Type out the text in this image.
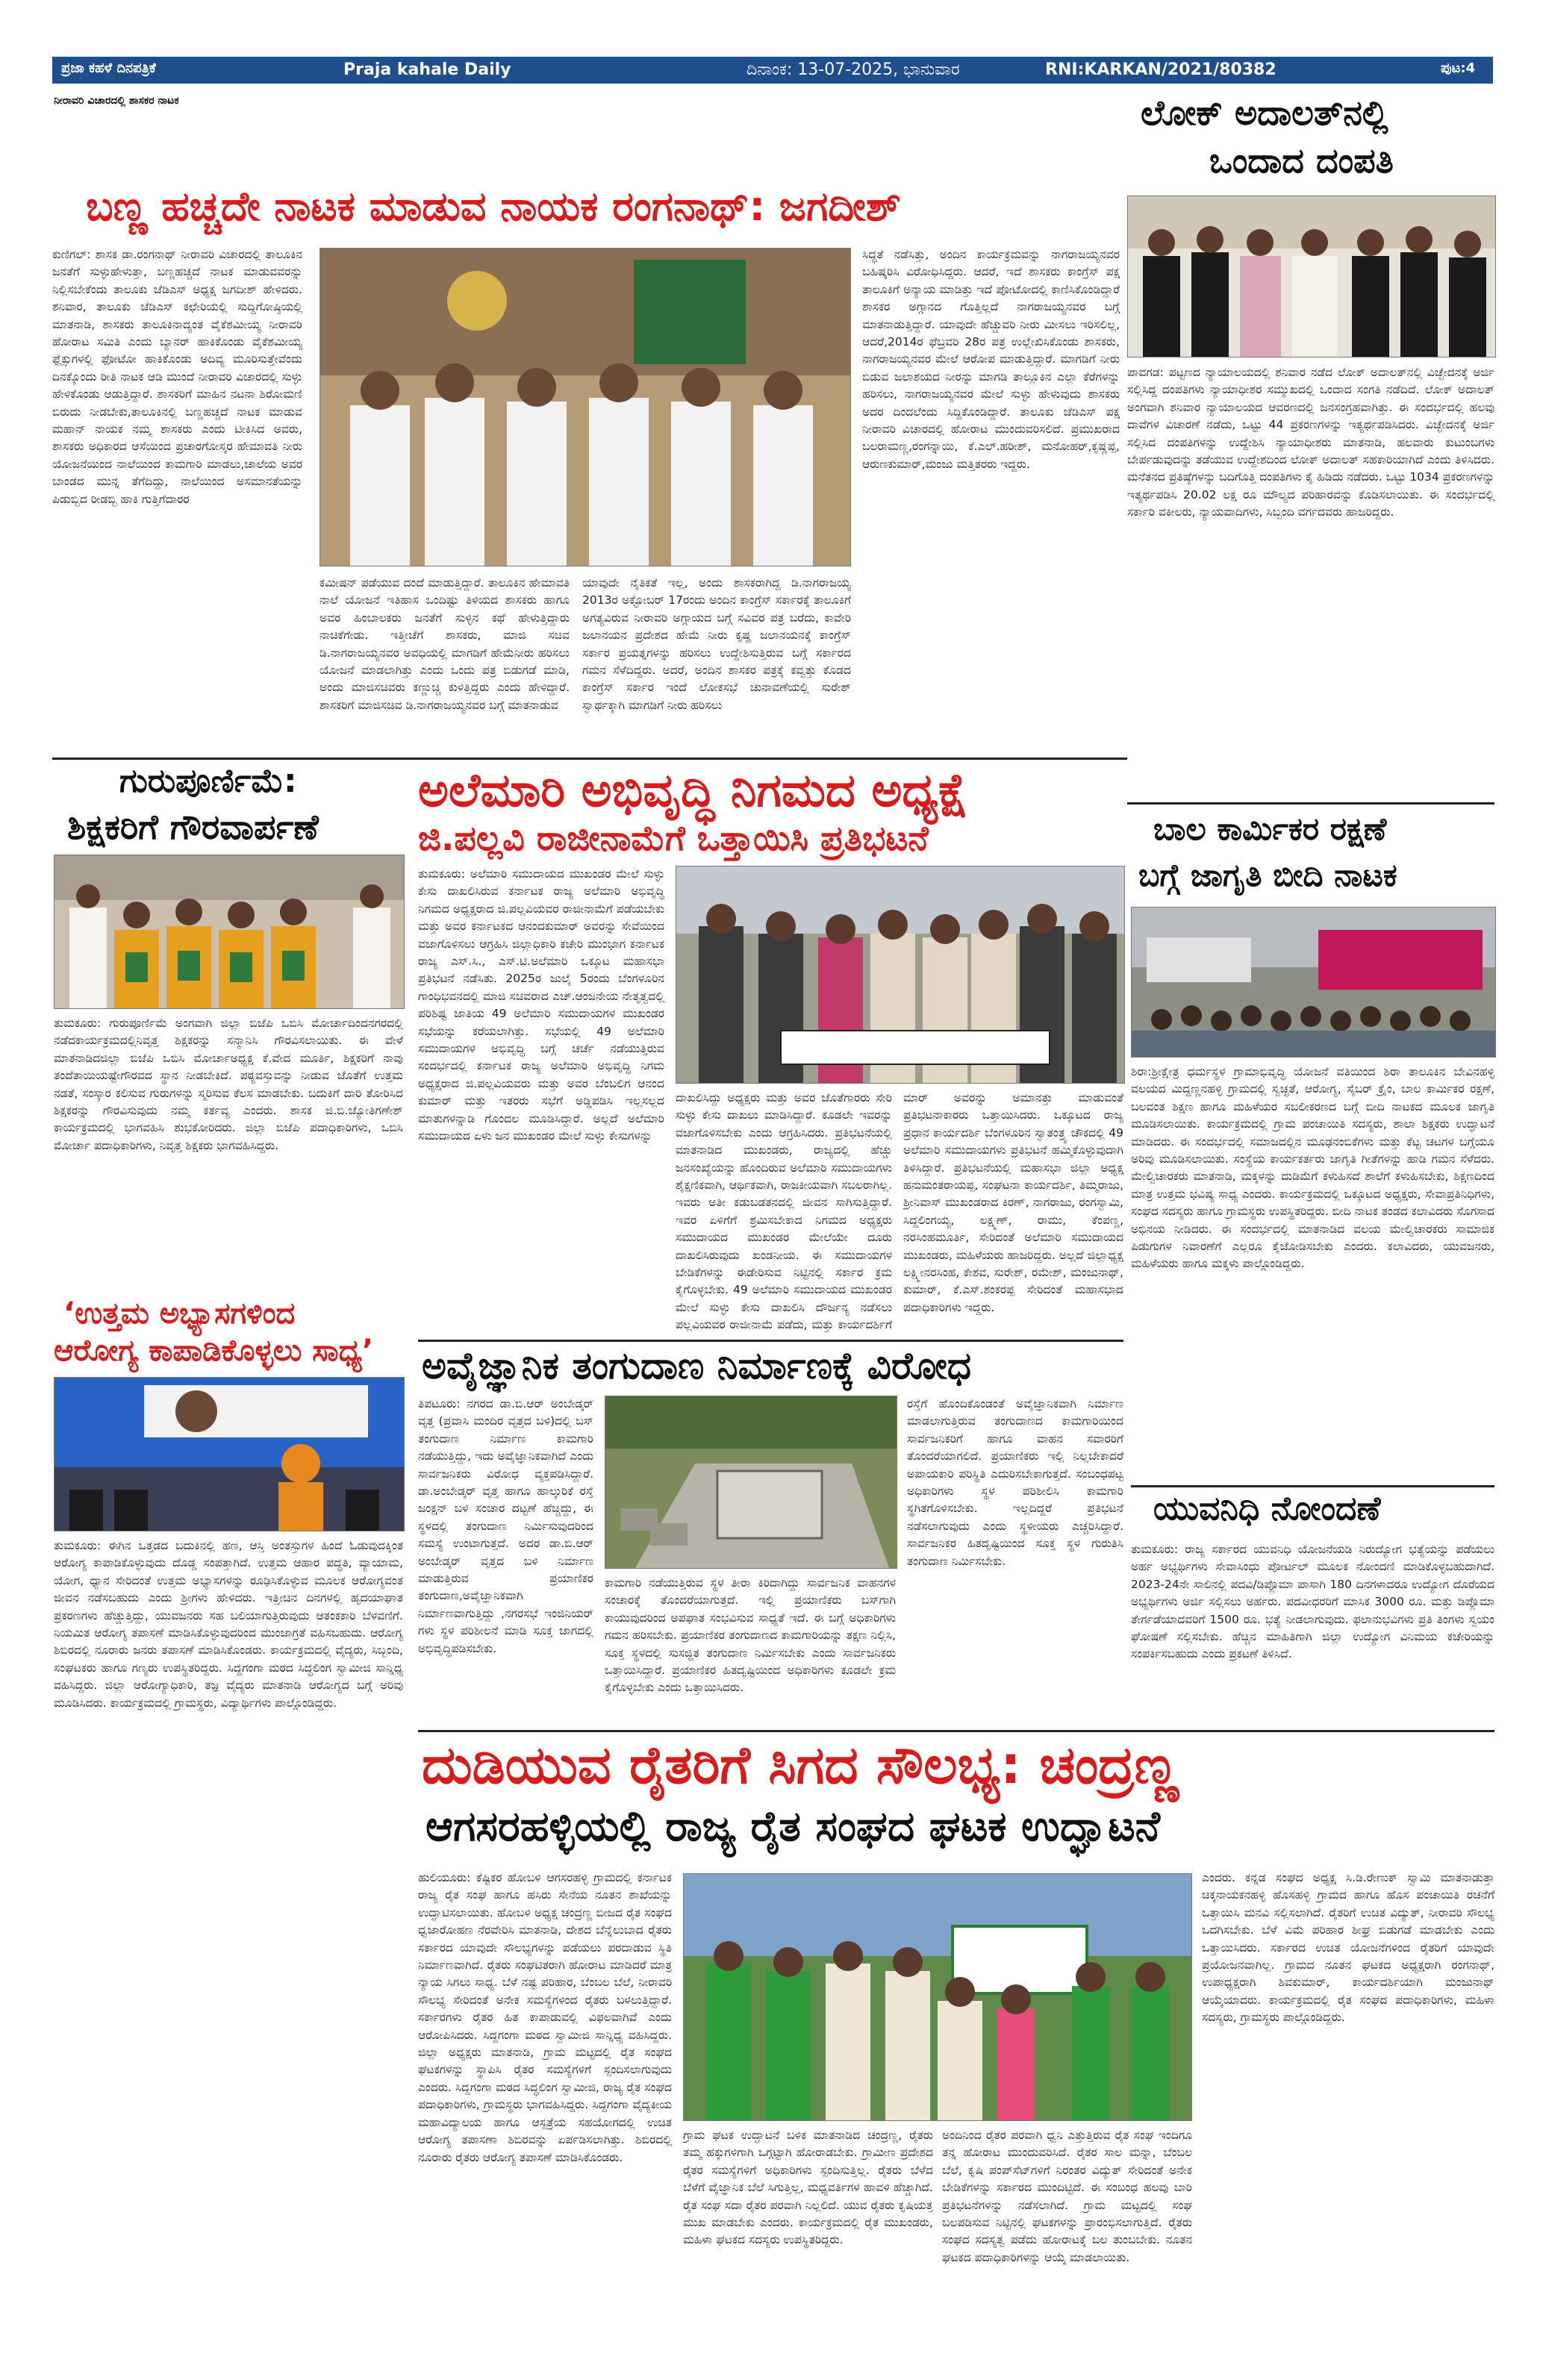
ಪ್ರಜಾ ಕಹಳೆ ದಿನಪತ್ರಿಕೆ	Praja kahale Daily	ದಿನಾಂಕ: 13-07-2025, ಭಾನುವಾರ	RNI:KARKAN/2021/80382	ಪುಟ:4
ನೀರಾವರಿ ವಿಚಾರದಲ್ಲಿ ಶಾಸಕರ ನಾಟಕ
ಬಣ್ಣ ಹಚ್ಚದೇ ನಾಟಕ ಮಾಡುವ ನಾಯಕ ರಂಗನಾಥ್: ಜಗದೀಶ್
ಕುಣಿಗಲ್: ಶಾಸಕ ಡಾ.ರಂಗನಾಥ್ ನೀರಾವರಿ ವಿಚಾರದಲ್ಲಿ ತಾಲೂಕಿನ ಜನತೆಗೆ ಸುಳ್ಳುಹೇಳುತ್ತಾ, ಬಣ್ಣಹಚ್ಚದೆ ನಾಟಕ ಮಾಡುವವರನ್ನು ನಿಲ್ಲಿಸಬೇಕೆಂದು ತಾಲೂಕು ಜೆಡಿಎಸ್ ಅಧ್ಯಕ್ಷ ಜಗದೀಶ್ ಹೇಳಿದರು. ಶನಿವಾರ, ತಾಲೂಕು ಜೆಡಿಎಸ್ ಕಛೇರಿಯಲ್ಲಿ ಸುದ್ದಿಗೋಷ್ಠಿಯಲ್ಲಿ ಮಾತನಾಡಿ, ಶಾಸಕರು ತಾಲೂಕಿನಾದ್ಯಂತ ವೈಕೆಶಮೀಯ್ಯ ನೀರಾವರಿ ಹೋರಾಟ ಸಮಿತಿ ಎಂದು ಬ್ಯಾನರ್ ಹಾಕಿಕೊಂಡು ವೈಕೆಶಮೀಯ್ಯ ಫ್ಲೆಕ್ಸುಗಳಲ್ಲಿ ಫೋಟೋ ಹಾಕಿಕೊಂಡು ಅದಿವ್ಯ ಮೂರಿಸುತ್ತೇವೆಂದು ದಿನಕ್ಕೊಂದು ರೀತಿ ನಾಟಕ ಆಡಿ ಮುಂದೆ ನೀರಾವರಿ ವಿಚಾರದಲ್ಲಿ ಸುಳ್ಳು ಹೇಳಿಕೊಂಡು ಆಡುತ್ತಿದ್ದಾರೆ. ಶಾಸಕರಿಗೆ ಮಾಹಿನ ನಟನಾ ಶಿರೋಮಣಿ ಬಿರುದು ನೀಡಬೇಕು,ತಾಲೂಕಿನಲ್ಲಿ ಬಣ್ಣಹಚ್ಚದೆ ನಾಟಕ ಮಾಡುವ ಮಹಾನ್ ನಾಯಕ ನಮ್ಮ ಶಾಸಕರು ಎಂದು ಟೀಕಿಸಿದ ಅವರು, ಶಾಸಕರು ಅಧಿಕಾರದ ಆಸೆಯಿಂದ ಪ್ರಚಾರಗೋಸ್ಕರ ಹೇಮಾವತಿ ನೀರು ಯೋಜನೆಯಿಂದ ನಾಲೆಯಿಂದ ಕಾಮಗಾರಿ ಮಾಡಲು,ಚಾಲೆಯ ಅವರ ಬಾಂಡದ ಮುನ್ನ ತೆಗೆದಿದ್ದು, ನಾಲೆಯಿಂದ ಅಸಮಾನತೆಯನ್ನು ಪಿಡುಬ್ಬಿದ ರೀಡಬ್ಬಿ ಹಾಕಿ ಗುತ್ತಿಗೆದಾರರ
ಕಮೀಷನ್ ಪಡೆಯುವ ದಂದೆ ಮಾಡುತ್ತಿದ್ದಾರೆ. ತಾಲೂಕಿನ ಹೇಮಾವತಿ ನಾಲೆ ಯೋಜನೆ ಇತಿಹಾಸ ಒಂದಿಷ್ಟು ತಿಳಿಯದ ಶಾಸಕರು ಹಾಗೂ ಅವರ ಹಿಂಬಾಲಕರು ಜನತೆಗೆ ಸುಳ್ಳಿನ ಕಥೆ ಹೇಳುತ್ತಿದ್ದಾರು ನಾಚಿಕೆಗೇಡು. ಇತ್ತೀಚೆಗೆ ಶಾಸಕರು, ಮಾಜಿ ಸಚಿವ ಡಿ.ನಾಗರಾಜಯ್ಯನವರ ಅವಧಿಯಲ್ಲಿ ಮಾಗಡಿಗೆ ಹೇಮೆನೀರು ಹರಿಸಲು ಯೋಜನೆ ಮಾಡಲಾಗಿತ್ತು ಎಂದು ಒಂದು ಪತ್ರ ಬಿಡುಗಡೆ ಮಾಡಿ, ಅಂದು ಮಾಜಿಸಚಿವರು ಕಣ್ಣುಚ್ಚಿ ಕುಳಿತ್ತಿದ್ದರು ಎಂದು ಹೇಳಿದ್ದಾರೆ. ಶಾಸಕರಿಗೆ ಮಾಜಿಸಚಿವ ಡಿ.ನಾಗರಾಜಯ್ಯನವರ ಬಗ್ಗೆ ಮಾತನಾಡುವ
ಯಾವುದೇ ನೈತಿಕತೆ ಇಲ್ಲ, ಅಂದು ಶಾಸಕರಾಗಿದ್ದ ಡಿ.ನಾಗರಾಜಯ್ಯ 2013ರ ಅಕ್ಟೋಬರ್ 17ರಂದು ಅಂದಿನ ಕಾಂಗ್ರೆಸ್ ಸರ್ಕಾರಕ್ಕೆ ತಾಲೂಕಿಗೆ ಅಗತ್ಯವಿರುವ ನೀರಾವರಿ ಅಗ್ಗಾಯದ ಬಗ್ಗೆ ಸವಿವರ ಪತ್ರ ಬರೆದು, ಕಾವೇರಿ ಜಲಾನಯನ ಪ್ರದೇಶದ ಹೇಮೆ ನೀರು ಕೃಷ್ಣ ಜಲಾನಯನಕ್ಕೆ ಕಾಂಗ್ರೆಸ್ ಸರ್ಕಾರ ಪ್ರಯತ್ನಗಳನ್ನು ಹರಿಸಲು ಉದ್ದೇಶಿಸುತ್ತಿರುವ ಬಗ್ಗೆ ಸರ್ಕಾರದ ಗಮನ ಸೆಳೆದಿದ್ದರು. ಅದರೆ, ಅಂದಿನ ಶಾಸಕರ ಪತ್ರಕ್ಕೆ ಕವ್ವತ್ತು ಕೊಡದ ಕಾಂಗ್ರೆಸ್ ಸರ್ಕಾರ ಇಂದೆ ಲೋಕಸಭೆ ಚುನಾವಣೆಯಲ್ಲಿ ಸುರೇಶ್ ಸ್ವಾರ್ಥಕ್ಕಾಗಿ ಮಾಗಡಿಗೆ ನೀರು ಹರಿಸಲು
ಸಿದ್ಧತೆ ನಡೆಸಿತ್ತು, ಅಂದಿನ ಕಾರ್ಯಕ್ರಮವನ್ನು ನಾಗರಾಜಯ್ಯನವರ ಬಹಿಷ್ಕರಿಸಿ ವಿರೋಧಿಸಿದ್ದರು. ಆದರೆ, ಇದೆ ಶಾಸಕರು ಕಾಂಗ್ರೆಸ್ ಪಕ್ಷ ತಾಲೂಕಿಗೆ ಅನ್ಯಾಯ ಮಾಡಿತ್ತು ಇದೆ ಪೋಟೋದಲ್ಲಿ ಕಾಣಿಸಿಕೊಂಡಿದ್ದಾರೆ ಶಾಸಕರ ಅಗ್ಗಾನದ ಗೊತ್ತಿಲ್ಲದೆ ನಾಗರಾಜಯ್ಯನವರ ಬಗ್ಗೆ ಮಾತನಾಡುತ್ತಿದ್ದಾರೆ. ಯಾವುದೇ ಹೆಚ್ಚುವರಿ ನೀರು ಮೀಸಲು ಇರಿಸಲಿಲ್ಲ, ಆದರೆ,2014ರ ಫೆಬ್ರವರಿ 28ರ ಪತ್ರ ಉಲ್ಲೇಖಿಸಿಕೊಂಡು ಶಾಸಕರು, ನಾಗರಾಜಯ್ಯನವರ ಮೇಲೆ ಆರೋಪ ಮಾಡುತ್ತಿದ್ದಾರೆ. ಮಾಗಡಿಗೆ ನೀರು ಬಿಡುವ ಜಲಾಶಯದ ನೀರನ್ನು ಮಾಗಡಿ ತಾಲ್ಲೂಕಿನ ಎಲ್ಲಾ ಕೆರೆಗಳನ್ನು ಹರಿಸಲು, ನಾಗರಾಜಯ್ಯನವರ ಮೇಲೆ ಸುಳ್ಳು ಹೇಳುವುದು ಶಾಸಕರು ಅದರ ದಿಂದಲೆಂದು ಸಿದ್ದಿಕೊಂಡಿದ್ದಾರೆ. ತಾಲೂಕು ಜೆಡಿಎಸ್ ಪಕ್ಷ ನೀರಾವರಿ ವಿಚಾರದಲ್ಲಿ ಹೋರಾಟ ಮುಂದುವರಿಸಲಿದೆ. ಪ್ರಮುಖರಾದ ಬಲರಾಮಣ್ಣ,ರಂಗನ್ನಾಯಿ, ಕೆ.ಎಲ್.ಹರೀಶ್, ಮನೋಹರ್,ಕೃಷ್ಣಪ್ಪ, ಆರುಣಕುಮಾರ್,ಮಂಜು ಮತ್ತಿತರರು ಇದ್ದರು.
ಲೋಕ್ ಅದಾಲತ್‌ನಲ್ಲಿ
ಒಂದಾದ ದಂಪತಿ
ಪಾವಗಡ: ಪಟ್ಟಣದ ನ್ಯಾಯಾಲಯದಲ್ಲಿ ಶನಿವಾರ ನಡೆದ ಲೋಕ್ ಅದಾಲತ್‌ನಲ್ಲಿ ವಿಚ್ಛೇದನಕ್ಕೆ ಅರ್ಜಿ ಸಲ್ಲಿಸಿದ್ದ ದಂಪತಿಗಳು ನ್ಯಾಯಾಧೀಶರ ಸಮ್ಮುಖದಲ್ಲಿ ಒಂದಾದ ಸಂಗತಿ ನಡೆದಿದೆ. ಲೋಕ್ ಅದಾಲತ್ ಅಂಗವಾಗಿ ಶನಿವಾರ ನ್ಯಾಯಾಲಯದ ಆವರಣದಲ್ಲಿ ಜನಸಂಗ್ರಹವಾಗಿತ್ತು. ಈ ಸಂದರ್ಭದಲ್ಲಿ ಹಲವು ದಾವೆಗಳ ವಿಚಾರಣೆ ನಡೆದು, ಒಟ್ಟು 44 ಪ್ರಕರಣಗಳನ್ನು ಇತ್ಯರ್ಥಪಡಿಸಿದರು. ವಿಚ್ಛೇದನಕ್ಕೆ ಅರ್ಜಿ ಸಲ್ಲಿಸಿದ ದಂಪತಿಗಳನ್ನು ಉದ್ದೇಶಿಸಿ ನ್ಯಾಯಾಧೀಶರು ಮಾತನಾಡಿ, ಹಲವಾರು ಕುಟುಂಬಗಳು ಬೇರ್ಪಡುವುದನ್ನು ತಡೆಯುವ ಉದ್ದೇಶದಿಂದ ಲೋಕ್ ಅದಾಲತ್ ಸಹಕಾರಿಯಾಗಿದೆ ಎಂದು ತಿಳಿಸಿದರು. ಮನೆತನದ ಪ್ರತಿಷ್ಠೆಗಳನ್ನು ಬದಿಗೊತ್ತಿ ದಂಪತಿಗಳು ಕೈ ಹಿಡಿದು ನಡೆದರು. ಒಟ್ಟು 1034 ಪ್ರಕರಣಗಳನ್ನು ಇತ್ಯರ್ಥಪಡಿಸಿ 20.02 ಲಕ್ಷ ರೂ ಮೌಲ್ಯದ ಪರಿಹಾರವನ್ನು ಕೊಡಿಸಲಾಯಿತು. ಈ ಸಂದರ್ಭದಲ್ಲಿ ಸರ್ಕಾರಿ ವಕೀಲರು, ನ್ಯಾಯವಾದಿಗಳು, ಸಿಬ್ಬಂದಿ ವರ್ಗದವರು ಹಾಜರಿದ್ದರು.
ಗುರುಪೂರ್ಣಿಮೆ:
ಶಿಕ್ಷಕರಿಗೆ ಗೌರವಾರ್ಪಣೆ
ತುಮಕೂರು: ಗುರುಪೂರ್ಣಿಮೆ ಅಂಗವಾಗಿ ಜಿಲ್ಲಾ ಬಿಜೆಪಿ ಒಬಿಸಿ ಮೋರ್ಚಾದಿಂದನಗರದಲ್ಲಿ ನಡೆದಕಾರ್ಯಕ್ರಮದಲ್ಲಿನಿವೃತ್ತ ಶಿಕ್ಷಕರನ್ನು ಸನ್ಮಾನಿಸಿ ಗೌರವಿಸಲಾಯಿತು. ಈ ವೇಳೆ ಮಾತನಾಡಿದಜಿಲ್ಲಾ ಬಿಜೆಪಿ ಒಬಿಸಿ ಮೋರ್ಚಾಅಧ್ಯಕ್ಷ ಕೆ.ವೇದ ಮೂರ್ತಿ, ಶಿಕ್ಷಕರಿಗೆ ನಾವು ತಂದೆತಾಯಿಯಷ್ಟೇಗೌರವದ ಸ್ಥಾನ ನೀಡಬೇಕಿದೆ. ಪಠ್ಯವಸ್ತುವನ್ನು ನೀಡುವ ಜೊತೆಗೆ ಉತ್ತಮ ನಡತೆ, ಸಂಸ್ಕಾರ ಕಲಿಸುವ ಗುರುಗಳನ್ನು ಸ್ಮರಿಸುವ ಕೆಲಸ ಮಾಡಬೇಕು. ಬದುಕಿಗೆ ದಾರಿ ತೋರಿಸಿದ ಶಿಕ್ಷಕರನ್ನು ಗೌರವಿಸುವುದು ನಮ್ಮ ಕರ್ತವ್ಯ ಎಂದರು. ಶಾಸಕ ಜಿ.ಬಿ.ಜ್ಯೋತಿಗಣೇಶ್ ಕಾರ್ಯಕ್ರಮದಲ್ಲಿ ಭಾಗವಹಿಸಿ ಶುಭಕೋರಿದರು. ಜಿಲ್ಲಾ ಬಿಜೆಪಿ ಪದಾಧಿಕಾರಿಗಳು, ಒಬಿಸಿ ಮೋರ್ಚಾ ಪದಾಧಿಕಾರಿಗಳು, ನಿವೃತ್ತ ಶಿಕ್ಷಕರು ಭಾಗವಹಿಸಿದ್ದರು.
‘ಉತ್ತಮ ಅಭ್ಯಾಸಗಳಿಂದ
ಆರೋಗ್ಯ ಕಾಪಾಡಿಕೊಳ್ಳಲು ಸಾಧ್ಯ’
ತುಮಕೂರು: ಈಗಿನ ಒತ್ತಡದ ಬದುಕಿನಲ್ಲಿ ಹಣ, ಆಸ್ತಿ ಅಂತಸ್ತುಗಳ ಹಿಂದೆ ಓಡುವುದಕ್ಕಿಂತ ಆರೋಗ್ಯ ಕಾಪಾಡಿಕೊಳ್ಳುವುದು ದೊಡ್ಡ ಸಂಪತ್ತಾಗಿದೆ. ಉತ್ತಮ ಆಹಾರ ಪದ್ಧತಿ, ವ್ಯಾಯಾಮ, ಯೋಗ, ಧ್ಯಾನ ಸೇರಿದಂತೆ ಉತ್ತಮ ಅಭ್ಯಾಸಗಳನ್ನು ರೂಢಿಸಿಕೊಳ್ಳುವ ಮೂಲಕ ಆರೋಗ್ಯವಂತ ಜೀವನ ನಡೆಸಬಹುದು ಎಂದು ಶ್ರೀಗಳು ಹೇಳಿದರು. ಇತ್ತೀಚಿನ ದಿನಗಳಲ್ಲಿ ಹೃದಯಾಘಾತ ಪ್ರಕರಣಗಳು ಹೆಚ್ಚುತ್ತಿದ್ದು, ಯುವಜನರು ಸಹ ಬಲಿಯಾಗುತ್ತಿರುವುದು ಆತಂಕಕಾರಿ ಬೆಳವಣಿಗೆ. ನಿಯಮಿತ ಆರೋಗ್ಯ ತಪಾಸಣೆ ಮಾಡಿಸಿಕೊಳ್ಳುವುದರಿಂದ ಮುಂಜಾಗ್ರತೆ ವಹಿಸಬಹುದು. ಆರೋಗ್ಯ ಶಿಬಿರದಲ್ಲಿ ನೂರಾರು ಜನರು ತಪಾಸಣೆ ಮಾಡಿಸಿಕೊಂಡರು. ಕಾರ್ಯಕ್ರಮದಲ್ಲಿ ವೈದ್ಯರು, ಸಿಬ್ಬಂದಿ, ಸಂಘಟಕರು ಹಾಗೂ ಗಣ್ಯರು ಉಪಸ್ಥಿತರಿದ್ದರು. ಸಿದ್ದಗಂಗಾ ಮಠದ ಸಿದ್ಧಲಿಂಗ ಸ್ವಾಮೀಜಿ ಸಾನ್ನಿಧ್ಯ ವಹಿಸಿದ್ದರು. ಜಿಲ್ಲಾ ಆರೋಗ್ಯಾಧಿಕಾರಿ, ತಜ್ಞ ವೈದ್ಯರು ಮಾತನಾಡಿ ಆರೋಗ್ಯದ ಬಗ್ಗೆ ಅರಿವು ಮೂಡಿಸಿದರು. ಕಾರ್ಯಕ್ರಮದಲ್ಲಿ ಗ್ರಾಮಸ್ಥರು, ವಿದ್ಯಾರ್ಥಿಗಳು ಪಾಲ್ಗೊಂಡಿದ್ದರು.
ಅಲೆಮಾರಿ ಅಭಿವೃದ್ಧಿ ನಿಗಮದ ಅಧ್ಯಕ್ಷೆ
ಜಿ.ಪಲ್ಲವಿ ರಾಜೀನಾಮೆಗೆ ಒತ್ತಾಯಿಸಿ ಪ್ರತಿಭಟನೆ
ತುಮಕೂರು: ಅಲೆಮಾರಿ ಸಮುದಾಯದ ಮುಖಂಡರ ಮೇಲೆ ಸುಳ್ಳು ಕೇಸು ದಾಖಲಿಸಿರುವ ಕರ್ನಾಟಕ ರಾಜ್ಯ ಅಲೆಮಾರಿ ಅಭಿವೃದ್ಧಿ ನಿಗಮದ ಅಧ್ಯಕ್ಷರಾದ ಜಿ.ಪಲ್ಲವಿಯವರ ರಾಜೀನಾಮೆಗೆ ಪಡೆಯಬೇಕು ಮತ್ತು ಅವರ ಕರ್ನಾಟಕದ ಆನಂದಕುಮಾರ್ ಅವರನ್ನು ಸೇವೆಯಿಂದ ವಜಾಗೊಳಿಸಲು ಆಗ್ರಹಿಸಿ ಜಿಲ್ಲಾಧಿಕಾರಿ ಕಚೇರಿ ಮುಂಭಾಗ ಕರ್ನಾಟಕ ರಾಜ್ಯ ಎಸ್.ಸಿ., ಎಸ್.ಟಿ.ಅಲೆಮಾರಿ ಒಕ್ಕೂಟ ಮಹಾಸಭಾ ಪ್ರತಿಭಟನೆ ನಡೆಸಿತು. 2025ರ ಜುಲೈ 5ರಂದು ಬೆಂಗಳೂರಿನ ಗಾಂಧಿಭವನದಲ್ಲಿ ಮಾಜಿ ಸಚಿವರಾದ ಎಚ್.ಆಂಜನೇಯ ನೇತೃತ್ವದಲ್ಲಿ ಪರಿಶಿಷ್ಟ ಜಾತಿಯ 49 ಅಲೆಮಾರಿ ಸಮುದಾಯಗಳ ಮುಖಂಡರ ಸಭೆಯನ್ನು ಕರೆಯಲಾಗಿತ್ತು. ಸಭೆಯಲ್ಲಿ 49 ಅಲೆಮಾರಿ ಸಮುದಾಯಗಳ ಅಭಿವೃದ್ಧಿ ಬಗ್ಗೆ ಚರ್ಚೆ ನಡೆಯುತ್ತಿರುವ ಸಂದರ್ಭದಲ್ಲಿ ಕರ್ನಾಟಕ ರಾಜ್ಯ ಅಲೆಮಾರಿ ಅಭಿವೃದ್ಧಿ ನಿಗಮ ಅಧ್ಯಕ್ಷರಾದ ಜಿ.ಪಲ್ಲವಿಯವರು ಮತ್ತು ಅವರ ಬೆಂಬಲಿಗ ಆನಂದ ಕುಮಾರ್ ಮತ್ತು ಇತರರು ಸಭೆಗೆ ಅಡ್ಡಿಪಡಿಸಿ ಇಲ್ಲಸಲ್ಲದ ಮಾತುಗಳನ್ನಾಡಿ ಗೊಂದಲ ಮೂಡಿಸಿದ್ದಾರೆ. ಅಲ್ಲದೆ ಅಲೆಮಾರಿ ಸಮುದಾಯದ ಏಳು ಜನ ಮುಖಂಡರ ಮೇಲೆ ಸುಳ್ಳು ಕೇಸುಗಳನ್ನು
ದಾಖಲಿಸಿದ್ದು ಅಧ್ಯಕ್ಷರು ಮತ್ತು ಅವರ ಜೊತೆಗಾರರು ಸೇರಿ ಸುಳ್ಳು ಕೇಸು ದಾಖಲು ಮಾಡಿಸಿದ್ದಾರೆ. ಕೂಡಲೇ ಇವರನ್ನು ವಜಾಗೊಳಿಸಬೇಕು ಎಂದು ಆಗ್ರಹಿಸಿದರು. ಪ್ರತಿಭಟನೆಯಲ್ಲಿ ಮಾತನಾಡಿದ ಮುಖಂಡರು, ರಾಜ್ಯದಲ್ಲಿ ಹೆಚ್ಚು ಜನಸಂಖ್ಯೆಯನ್ನು ಹೊಂದಿರುವ ಅಲೆಮಾರಿ ಸಮುದಾಯಗಳು ಶೈಕ್ಷಣಿಕವಾಗಿ, ಆರ್ಥಿಕವಾಗಿ, ರಾಜಕೀಯವಾಗಿ ಸಬಲರಾಗಿಲ್ಲ. ಇವರು ಅತೀ ಕಡುಬಡತನದಲ್ಲಿ ಜೀವನ ಸಾಗಿಸುತ್ತಿದ್ದಾರೆ. ಇವರ ಏಳಿಗೆಗೆ ಶ್ರಮಿಸಬೇಕಾದ ನಿಗಮದ ಅಧ್ಯಕ್ಷರು ಸಮುದಾಯದ ಮುಖಂಡರ ಮೇಲೆಯೇ ದೂರು ದಾಖಲಿಸಿರುವುದು ಖಂಡನೀಯ. ಈ ಸಮುದಾಯಗಳ ಬೇಡಿಕೆಗಳನ್ನು ಈಡೇರಿಸುವ ನಿಟ್ಟಿನಲ್ಲಿ ಸರ್ಕಾರ ಕ್ರಮ ಕೈಗೊಳ್ಳಬೇಕು. 49 ಅಲೆಮಾರಿ ಸಮುದಾಯದ ಮುಖಂಡರ ಮೇಲೆ ಸುಳ್ಳು ಕೇಸು ದಾಖಲಿಸಿ ದೌರ್ಜನ್ಯ ನಡೆಸಲು ಪಲ್ಲವಿಯವರ ರಾಜೀನಾಮೆ ಪಡೆದು, ಮತ್ತು ಕಾರ್ಯದರ್ಶಿಗೆ
ಮಾರ್ ಅವರನ್ನು ಅಮಾನತ್ತು ಮಾಡುವಂತೆ ಪ್ರತಿಭಟನಾಕಾರರು ಒತ್ತಾಯಿಸಿದರು. ಒಕ್ಕೂಟದ ರಾಜ್ಯ ಪ್ರಧಾನ ಕಾರ್ಯದರ್ಶಿ ಬೆಂಗಳೂರಿನ ಸ್ವಾತಂತ್ರ್ಯ ಚೌಕದಲ್ಲಿ 49 ಅಲೆಮಾರಿ ಸಮುದಾಯಗಳು ಪ್ರತಿಭಟನೆ ಹಮ್ಮಿಕೊಳ್ಳುವುದಾಗಿ ತಿಳಿಸಿದ್ದಾರೆ. ಪ್ರತಿಭಟನೆಯಲ್ಲಿ ಮಹಾಸಭಾ ಜಿಲ್ಲಾ ಅಧ್ಯಕ್ಷ ಹನುಮಂತರಾಯಪ್ಪ, ಸಂಘಟನಾ ಕಾರ್ಯದರ್ಶಿ, ತಿಮ್ಮರಾಜು, ಶ್ರೀನಿವಾಸ್ ಮುಖಂಡರಾದ ಕಿರಣ್, ನಾಗರಾಜು, ರಂಗಸ್ವಾಮಿ, ಸಿದ್ದಲಿಂಗಯ್ಯ, ಲಕ್ಷ್ಮಣ್, ರಾಮು, ಕೆಂಪಣ್ಣ, ನರಸಿಂಹಮೂರ್ತಿ, ಸೇರಿದಂತೆ ಅಲೆಮಾರಿ ಸಮುದಾಯದ ಮುಖಂಡರು, ಮಹಿಳೆಯರು ಹಾಜರಿದ್ದರು. ಅಲ್ಲದೆ ಜಿಲ್ಲಾಧ್ಯಕ್ಷ ಲಕ್ಷ್ಮೀನರಸಿಂಹ, ಕೇಶವ, ಸುರೇಶ್, ರಮೇಶ್, ಮಂಜುನಾಥ್, ಕುಮಾರ್, ಕೆ.ಎಸ್.ಶಂಕರಪ್ಪ ಸೇರಿದಂತೆ ಮಹಾಸಭಾದ ಪದಾಧಿಕಾರಿಗಳು ಇದ್ದರು.
ಬಾಲ ಕಾರ್ಮಿಕರ ರಕ್ಷಣೆ
ಬಗ್ಗೆ ಜಾಗೃತಿ ಬೀದಿ ನಾಟಕ
ಶಿರಾ:ಶ್ರೀಕ್ಷೇತ್ರ ಧರ್ಮಸ್ಥಳ ಗ್ರಾಮಾಭಿವೃದ್ಧಿ ಯೋಜನೆ ವತಿಯಿಂದ ಶಿರಾ ತಾಲೂಕಿನ ಬೇವಿನಹಳ್ಳಿ ವಲಯದ ಮಿದ್ದಣ್ಣನಹಳ್ಳಿ ಗ್ರಾಮದಲ್ಲಿ ಸ್ವಚ್ಛತೆ, ಆರೋಗ್ಯ, ಸೈಬರ್ ಕ್ರೈಂ, ಬಾಲ ಕಾರ್ಮಿಕರ ರಕ್ಷಣೆ, ಬಲವಂತ ಶಿಕ್ಷಣ ಹಾಗೂ ಮಹಿಳೆಯರ ಸಬಲೀಕರಣದ ಬಗ್ಗೆ ಬೀದಿ ನಾಟಕದ ಮೂಲಕ ಜಾಗೃತಿ ಮೂಡಿಸಲಾಯಿತು. ಕಾರ್ಯಕ್ರಮದಲ್ಲಿ ಗ್ರಾಮ ಪಂಚಾಯಿತಿ ಸದಸ್ಯರು, ಶಾಲಾ ಶಿಕ್ಷಕರು ಉದ್ಘಾಟನೆ ಮಾಡಿದರು. ಈ ಸಂದರ್ಭದಲ್ಲಿ ಸಮಾಜದಲ್ಲಿನ ಮೂಢನಂಬಿಕೆಗಳು ಮತ್ತು ಕೆಟ್ಟ ಚಟಗಳ ಬಗ್ಗೆಯೂ ಅರಿವು ಮೂಡಿಸಲಾಯಿತು. ಸಂಸ್ಥೆಯ ಕಾರ್ಯಕರ್ತರು ಜಾಗೃತಿ ಗೀತೆಗಳನ್ನು ಹಾಡಿ ಗಮನ ಸೆಳೆದರು. ಮೇಲ್ವಿಚಾರಕರು ಮಾತನಾಡಿ, ಮಕ್ಕಳನ್ನು ದುಡಿಮೆಗೆ ಕಳುಹಿಸದೆ ಶಾಲೆಗೆ ಕಳುಹಿಸಬೇಕು, ಶಿಕ್ಷಣದಿಂದ ಮಾತ್ರ ಉತ್ತಮ ಭವಿಷ್ಯ ಸಾಧ್ಯ ಎಂದರು. ಕಾರ್ಯಕ್ರಮದಲ್ಲಿ ಒಕ್ಕೂಟದ ಅಧ್ಯಕ್ಷರು, ಸೇವಾಪ್ರತಿನಿಧಿಗಳು, ಸಂಘದ ಸದಸ್ಯರು ಹಾಗೂ ಗ್ರಾಮಸ್ಥರು ಉಪಸ್ಥಿತರಿದ್ದರು. ಬೀದಿ ನಾಟಕ ತಂಡದ ಕಲಾವಿದರು ಸೊಗಸಾದ ಅಭಿನಯ ನೀಡಿದರು. ಈ ಸಂದರ್ಭದಲ್ಲಿ ಮಾತನಾಡಿದ ವಲಯ ಮೇಲ್ವಿಚಾರಕರು ಸಾಮಾಜಿಕ ಪಿಡುಗುಗಳ ನಿವಾರಣೆಗೆ ಎಲ್ಲರೂ ಕೈಜೋಡಿಸಬೇಕು ಎಂದರು. ಕಲಾವಿದರು, ಯುವಜನರು, ಮಹಿಳೆಯರು ಹಾಗೂ ಮಕ್ಕಳು ಪಾಲ್ಗೊಂಡಿದ್ದರು.
ಅವೈಜ್ಞಾನಿಕ ತಂಗುದಾಣ ನಿರ್ಮಾಣಕ್ಕೆ ವಿರೋಧ
ತಿಪಟೂರು: ನಗರದ ಡಾ.ಬಿ.ಆರ್ ಅಂಬೇಡ್ಕರ್ ವೃತ್ತ (ಪ್ರವಾಸಿ ಮಂದಿರ ವೃತ್ತದ ಬಳಿ)ದಲ್ಲಿ ಬಸ್ ತಂಗುದಾಣ ನಿರ್ಮಾಣ ಕಾಮಗಾರಿ ನಡೆಯುತ್ತಿದ್ದು, ಇದು ಅವೈಜ್ಞಾನಿಕವಾಗಿದೆ ಎಂದು ಸಾರ್ವಜನಿಕರು ವಿರೋಧ ವ್ಯಕ್ತಪಡಿಸಿದ್ದಾರೆ. ಡಾ.ಅಂಬೇಡ್ಕರ್ ವೃತ್ತ ಹಾಗೂ ಹಾಲ್ಕುರಿಕೆ ರಸ್ತೆ ಜಂಕ್ಷನ್ ಬಳಿ ಸಂಚಾರ ದಟ್ಟಣೆ ಹೆಚ್ಚಿದ್ದು, ಈ ಸ್ಥಳದಲ್ಲಿ ತಂಗುದಾಣ ನಿರ್ಮಿಸುವುದರಿಂದ ಸಮಸ್ಯೆ ಉಂಟಾಗುತ್ತದೆ. ಅದರ ಡಾ.ಬಿ.ಆರ್ ಅಂಬೇಡ್ಕರ್ ವೃತ್ತದ ಬಳಿ ನಿರ್ಮಾಣ ಮಾಡುತ್ತಿರುವ ಪ್ರಯಾಣಿಕರ ತಂಗುದಾಣ,ಅವೈಜ್ಞಾನಿಕವಾಗಿ ನಿರ್ಮಾಣವಾಗುತ್ತಿದ್ದು ,ನಗರಸಭೆ ಇಂಜಿನಿಯರ್ ಗಳು ಸ್ಥಳ ಪರಿಶೀಲನೆ ಮಾಡಿ ಸೂಕ್ತ ಜಾಗದಲ್ಲಿ ಅಭಿವೃದ್ಧಿಪಡಿಸಬೇಕು.
ಕಾಮಗಾರಿ ನಡೆಯುತ್ತಿರುವ ಸ್ಥಳ ತೀರಾ ಕಿರಿದಾಗಿದ್ದು ಸಾರ್ವಜನಿಕ ವಾಹನಗಳ ಸಂಚಾರಕ್ಕೆ ತೊಂದರೆಯಾಗುತ್ತದೆ. ಇಲ್ಲಿ ಪ್ರಯಾಣಿಕರು ಬಸ್‌ಗಾಗಿ ಕಾಯುವುದರಿಂದ ಅಪಘಾತ ಸಂಭವಿಸುವ ಸಾಧ್ಯತೆ ಇದೆ. ಈ ಬಗ್ಗೆ ಅಧಿಕಾರಿಗಳು ಗಮನ ಹರಿಸಬೇಕು. ಪ್ರಯಾಣಿಕರ ತಂಗುದಾಣದ ಕಾಮಗಾರಿಯನ್ನು ತಕ್ಷಣ ನಿಲ್ಲಿಸಿ, ಸೂಕ್ತ ಸ್ಥಳದಲ್ಲಿ ಸುಸಜ್ಜಿತ ತಂಗುದಾಣ ನಿರ್ಮಿಸಬೇಕು ಎಂದು ಸಾರ್ವಜನಿಕರು ಒತ್ತಾಯಿಸಿದ್ದಾರೆ. ಪ್ರಯಾಣಿಕರ ಹಿತದೃಷ್ಟಿಯಿಂದ ಅಧಿಕಾರಿಗಳು ಕೂಡಲೇ ಕ್ರಮ ಕೈಗೊಳ್ಳಬೇಕು ಎಂದು ಒತ್ತಾಯಿಸಿದರು.
ರಸ್ತೆಗೆ ಹೊಂದಿಕೊಂಡಂತೆ ಅವೈಜ್ಞಾನಿಕವಾಗಿ ನಿರ್ಮಾಣ ಮಾಡಲಾಗುತ್ತಿರುವ ತಂಗುದಾಣದ ಕಾಮಗಾರಿಯಿಂದ ಸಾರ್ವಜನಿಕರಿಗೆ ಹಾಗೂ ವಾಹನ ಸವಾರರಿಗೆ ತೊಂದರೆಯಾಗಲಿದೆ. ಪ್ರಯಾಣಿಕರು ಇಲ್ಲಿ ನಿಲ್ಲಬೇಕಾದರೆ ಅಪಾಯಕಾರಿ ಪರಿಸ್ಥಿತಿ ಎದುರಿಸಬೇಕಾಗುತ್ತದೆ. ಸಂಬಂಧಪಟ್ಟ ಅಧಿಕಾರಿಗಳು ಸ್ಥಳ ಪರಿಶೀಲಿಸಿ ಕಾಮಗಾರಿ ಸ್ಥಗಿತಗೊಳಿಸಬೇಕು. ಇಲ್ಲದಿದ್ದರೆ ಪ್ರತಿಭಟನೆ ನಡೆಸಲಾಗುವುದು ಎಂದು ಸ್ಥಳೀಯರು ಎಚ್ಚರಿಸಿದ್ದಾರೆ. ಸಾರ್ವಜನಿಕರ ಹಿತದೃಷ್ಟಿಯಿಂದ ಸೂಕ್ತ ಸ್ಥಳ ಗುರುತಿಸಿ ತಂಗುದಾಣ ನಿರ್ಮಿಸಬೇಕು.
ಯುವನಿಧಿ ನೋಂದಣೆ
ತುಮಕೂರು: ರಾಜ್ಯ ಸರ್ಕಾರದ ಯುವನಿಧಿ ಯೋಜನೆಯಡಿ ನಿರುದ್ಯೋಗ ಭತ್ಯೆಯನ್ನು ಪಡೆಯಲು ಅರ್ಹ ಅಭ್ಯರ್ಥಿಗಳು ಸೇವಾಸಿಂಧು ಪೋರ್ಟಲ್ ಮೂಲಕ ನೋಂದಣಿ ಮಾಡಿಕೊಳ್ಳಬಹುದಾಗಿದೆ. 2023-24ನೇ ಸಾಲಿನಲ್ಲಿ ಪದವಿ/ಡಿಪ್ಲೊಮಾ ಪಾಸಾಗಿ 180 ದಿನಗಳಾದರೂ ಉದ್ಯೋಗ ದೊರೆಯದ ಅಭ್ಯರ್ಥಿಗಳು ಅರ್ಜಿ ಸಲ್ಲಿಸಲು ಅರ್ಹರು. ಪದವೀಧರರಿಗೆ ಮಾಸಿಕ 3000 ರೂ. ಮತ್ತು ಡಿಪ್ಲೊಮಾ ತೇರ್ಗಡೆಯಾದವರಿಗೆ 1500 ರೂ. ಭತ್ಯೆ ನೀಡಲಾಗುವುದು. ಫಲಾನುಭವಿಗಳು ಪ್ರತಿ ತಿಂಗಳು ಸ್ವಯಂ ಘೋಷಣೆ ಸಲ್ಲಿಸಬೇಕು. ಹೆಚ್ಚಿನ ಮಾಹಿತಿಗಾಗಿ ಜಿಲ್ಲಾ ಉದ್ಯೋಗ ವಿನಿಮಯ ಕಚೇರಿಯನ್ನು ಸಂಪರ್ಕಿಸಬಹುದು ಎಂದು ಪ್ರಕಟಣೆ ತಿಳಿಸಿದೆ.
ದುಡಿಯುವ ರೈತರಿಗೆ ಸಿಗದ ಸೌಲಭ್ಯ: ಚಂದ್ರಣ್ಣ
ಆಗಸರಹಳ್ಳಿಯಲ್ಲಿ ರಾಜ್ಯ ರೈತ ಸಂಘದ ಘಟಕ ಉದ್ಘಾಟನೆ
ಹುಲಿಯೂರು: ಕೆಷ್ಟಿಕರ ಹೋಬಳಿ ಆಗಸರಹಳ್ಳಿ ಗ್ರಾಮದಲ್ಲಿ ಕರ್ನಾಟಕ ರಾಜ್ಯ ರೈತ ಸಂಘ ಹಾಗೂ ಹಸಿರು ಸೇನೆಯ ನೂತನ ಶಾಖೆಯನ್ನು ಉದ್ಘಾಟಿಸಲಾಯಿತು. ಹೋಬಳಿ ಅಧ್ಯಕ್ಷ ಚಂದ್ರಣ್ಣ ಬೀಜದ ರೈತ ಸಂಘದ ಧ್ವಜಾರೋಹಣ ನೆರವೇರಿಸಿ ಮಾತನಾಡಿ, ದೇಶದ ಬೆನ್ನೆಲುಬಾದ ರೈತರು ಸರ್ಕಾರದ ಯಾವುದೇ ಸೌಲಭ್ಯಗಳನ್ನು ಪಡೆಯಲು ಪರದಾಡುವ ಸ್ಥಿತಿ ನಿರ್ಮಾಣವಾಗಿದೆ. ರೈತರು ಸಂಘಟಿತರಾಗಿ ಹೋರಾಟ ಮಾಡಿದರೆ ಮಾತ್ರ ನ್ಯಾಯ ಸಿಗಲು ಸಾಧ್ಯ. ಬೆಳೆ ನಷ್ಟ ಪರಿಹಾರ, ಬೆಂಬಲ ಬೆಲೆ, ನೀರಾವರಿ ಸೌಲಭ್ಯ ಸೇರಿದಂತೆ ಅನೇಕ ಸಮಸ್ಯೆಗಳಿಂದ ರೈತರು ಬಳಲುತ್ತಿದ್ದಾರೆ. ಸರ್ಕಾರಗಳು ರೈತರ ಹಿತ ಕಾಪಾಡುವಲ್ಲಿ ವಿಫಲವಾಗಿವೆ ಎಂದು ಆರೋಪಿಸಿದರು. ಸಿದ್ದಗಂಗಾ ಮಠದ ಸ್ವಾಮೀಜಿ ಸಾನ್ನಿಧ್ಯ ವಹಿಸಿದ್ದರು. ಜಿಲ್ಲಾ ಅಧ್ಯಕ್ಷರು ಮಾತನಾಡಿ, ಗ್ರಾಮ ಮಟ್ಟದಲ್ಲಿ ರೈತ ಸಂಘದ ಘಟಕಗಳನ್ನು ಸ್ಥಾಪಿಸಿ ರೈತರ ಸಮಸ್ಯೆಗಳಿಗೆ ಸ್ಪಂದಿಸಲಾಗುವುದು ಎಂದರು. ಸಿದ್ದಗಂಗಾ ಮಠದ ಸಿದ್ಧಲಿಂಗ ಸ್ವಾಮೀಜಿ, ರಾಜ್ಯ ರೈತ ಸಂಘದ ಪದಾಧಿಕಾರಿಗಳು, ಗ್ರಾಮಸ್ಥರು ಭಾಗವಹಿಸಿದ್ದರು. ಸಿದ್ದಗಂಗಾ ವೈದ್ಯಕೀಯ ಮಹಾವಿದ್ಯಾಲಯ ಹಾಗೂ ಆಸ್ಪತ್ರೆಯ ಸಹಯೋಗದಲ್ಲಿ ಉಚಿತ ಆರೋಗ್ಯ ತಪಾಸಣಾ ಶಿಬಿರವನ್ನು ಏರ್ಪಡಿಸಲಾಗಿತ್ತು. ಶಿಬಿರದಲ್ಲಿ ನೂರಾರು ರೈತರು ಆರೋಗ್ಯ ತಪಾಸಣೆ ಮಾಡಿಸಿಕೊಂಡರು.
ಗ್ರಾಮ ಘಟಕ ಉದ್ಘಾಟನೆ ಬಳಿಕ ಮಾತನಾಡಿದ ಚಂದ್ರಣ್ಣ, ರೈತರು ತಮ್ಮ ಹಕ್ಕುಗಳಿಗಾಗಿ ಒಗ್ಗಟ್ಟಾಗಿ ಹೋರಾಡಬೇಕು. ಗ್ರಾಮೀಣ ಪ್ರದೇಶದ ರೈತರ ಸಮಸ್ಯೆಗಳಿಗೆ ಅಧಿಕಾರಿಗಳು ಸ್ಪಂದಿಸುತ್ತಿಲ್ಲ. ರೈತರು ಬೆಳೆದ ಬೆಳೆಗೆ ವೈಜ್ಞಾನಿಕ ಬೆಲೆ ಸಿಗುತ್ತಿಲ್ಲ, ಮಧ್ಯವರ್ತಿಗಳ ಹಾವಳಿ ಹೆಚ್ಚಾಗಿದೆ. ರೈತ ಸಂಘ ಸದಾ ರೈತರ ಪರವಾಗಿ ನಿಲ್ಲಲಿದೆ. ಯುವ ರೈತರು ಕೃಷಿಯತ್ತ ಮುಖ ಮಾಡಬೇಕು ಎಂದರು. ಕಾರ್ಯಕ್ರಮದಲ್ಲಿ ರೈತ ಮುಖಂಡರು, ಮಹಿಳಾ ಘಟಕದ ಸದಸ್ಯರು ಉಪಸ್ಥಿತರಿದ್ದರು.
ಅಂದಿನಿಂದ ರೈತರ ಪರವಾಗಿ ಧ್ವನಿ ಎತ್ತುತ್ತಿರುವ ರೈತ ಸಂಘ ಇಂದಿಗೂ ತನ್ನ ಹೋರಾಟ ಮುಂದುವರಿಸಿದೆ. ರೈತರ ಸಾಲ ಮನ್ನಾ, ಬೆಂಬಲ ಬೆಲೆ, ಕೃಷಿ ಪಂಪ್‌ಸೆಟ್‌ಗಳಿಗೆ ನಿರಂತರ ವಿದ್ಯುತ್ ಸೇರಿದಂತೆ ಅನೇಕ ಬೇಡಿಕೆಗಳನ್ನು ಸರ್ಕಾರದ ಮುಂದಿಟ್ಟಿದೆ. ಈ ಸಂಬಂಧ ಹಲವು ಬಾರಿ ಪ್ರತಿಭಟನೆಗಳನ್ನು ನಡೆಸಲಾಗಿದೆ. ಗ್ರಾಮ ಮಟ್ಟದಲ್ಲಿ ಸಂಘ ಬಲಪಡಿಸುವ ನಿಟ್ಟಿನಲ್ಲಿ ಘಟಕಗಳನ್ನು ಪ್ರಾರಂಭಿಸಲಾಗುತ್ತಿದೆ. ರೈತರು ಸಂಘದ ಸದಸ್ಯತ್ವ ಪಡೆದು ಹೋರಾಟಕ್ಕೆ ಬಲ ತುಂಬಬೇಕು. ನೂತನ ಘಟಕದ ಪದಾಧಿಕಾರಿಗಳನ್ನು ಆಯ್ಕೆ ಮಾಡಲಾಯಿತು.
ಎಂದರು. ಕನ್ನಡ ಸಂಘದ ಅಧ್ಯಕ್ಷ ಸಿ.ಡಿ.ರೇಣುಕ್ ಸ್ವಾಮಿ ಮಾತನಾಡುತ್ತಾ ಚಿಕ್ಕನಾಯಕನಹಳ್ಳಿ ಹೊಸಹಳ್ಳಿ ಗ್ರಾಮದ ಹಾಗೂ ಹೊಸ ಪಂಚಾಯಿತಿ ರಚನೆಗೆ ಒತ್ತಾಯಿಸಿ ಮನವಿ ಸಲ್ಲಿಸಲಾಗಿದೆ. ರೈತರಿಗೆ ಉಚಿತ ವಿದ್ಯುತ್, ನೀರಾವರಿ ಸೌಲಭ್ಯ ಒದಗಿಸಬೇಕು. ಬೆಳೆ ವಿಮೆ ಪರಿಹಾರ ಶೀಘ್ರ ಬಿಡುಗಡೆ ಮಾಡಬೇಕು ಎಂದು ಒತ್ತಾಯಿಸಿದರು. ಸರ್ಕಾರದ ಉಚಿತ ಯೋಜನೆಗಳಿಂದ ರೈತರಿಗೆ ಯಾವುದೇ ಪ್ರಯೋಜನವಾಗಿಲ್ಲ. ಗ್ರಾಮದ ನೂತನ ಘಟಕದ ಅಧ್ಯಕ್ಷರಾಗಿ ರಂಗನಾಥ್, ಉಪಾಧ್ಯಕ್ಷರಾಗಿ ಶಿವಕುಮಾರ್, ಕಾರ್ಯದರ್ಶಿಯಾಗಿ ಮಂಜುನಾಥ್ ಆಯ್ಕೆಯಾದರು. ಕಾರ್ಯಕ್ರಮದಲ್ಲಿ ರೈತ ಸಂಘದ ಪದಾಧಿಕಾರಿಗಳು, ಮಹಿಳಾ ಸದಸ್ಯರು, ಗ್ರಾಮಸ್ಥರು ಪಾಲ್ಗೊಂಡಿದ್ದರು.
